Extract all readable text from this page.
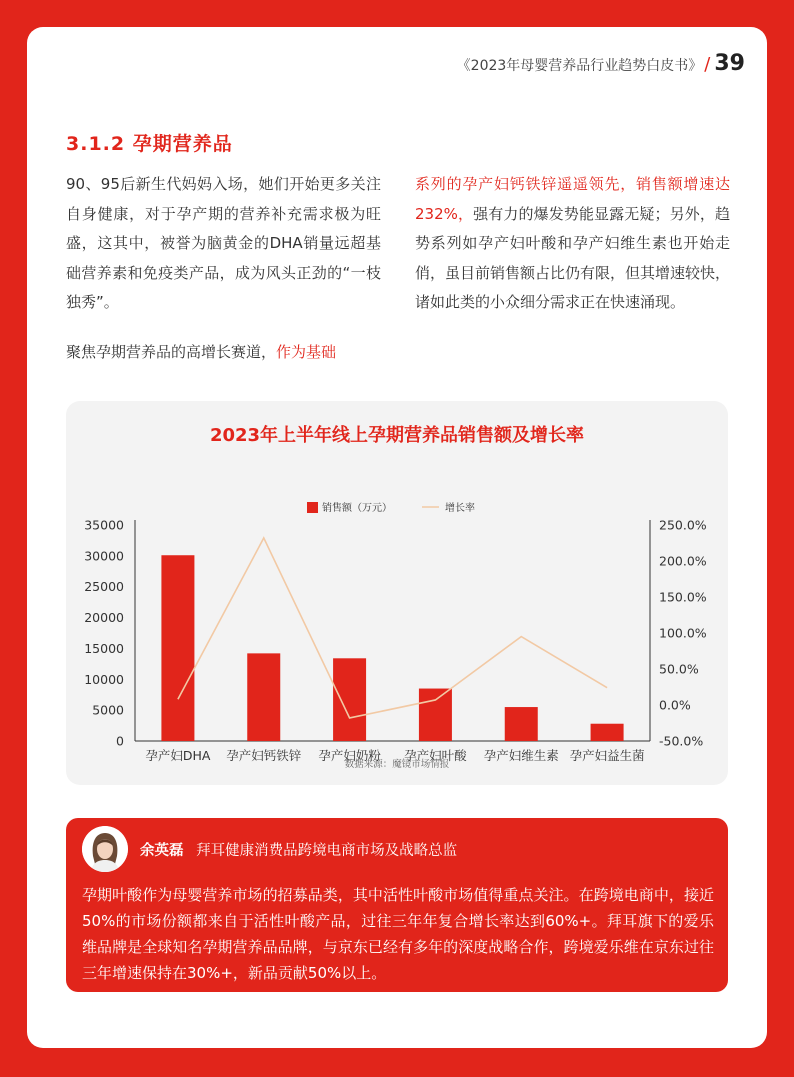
《2023年母婴营养品行业趋势白皮书》 / 39
3.1.2 孕期营养品

90、95后新生代妈妈入场，她们开始更多关注自身健康，对于孕产期的营养补充需求极为旺盛，这其中，被誉为脑黄金的DHA销量远超基础营养素和免疫类产品，成为风头正劲的“一枝独秀”。

聚焦孕期营养品的高增长赛道，作为基础

系列的孕产妇钙铁锌遥遥领先，销售额增速达232%，强有力的爆发势能显露无疑；另外，趋势系列如孕产妇叶酸和孕产妇维生素也开始走俏，虽目前销售额占比仍有限，但其增速较快，诸如此类的小众细分需求正在快速涌现。

2023年上半年线上孕期营养品销售额及增长率
销售额（万元）	增长率
0
5000
10000
15000
20000
25000
30000
35000
-50.0%
0.0%
50.0%
100.0%
150.0%
200.0%
250.0%
孕产妇DHA 孕产妇钙铁锌 孕产妇奶粉 孕产妇叶酸 孕产妇维生素 孕产妇益生菌
数据来源：魔镜市场情报
余英磊 拜耳健康消费品跨境电商市场及战略总监

孕期叶酸作为母婴营养市场的招募品类，其中活性叶酸市场值得重点关注。在跨境电商中，接近50%的市场份额都来自于活性叶酸产品，过往三年年复合增长率达到60%+。拜耳旗下的爱乐维品牌是全球知名孕期营养品品牌，与京东已经有多年的深度战略合作，跨境爱乐维在京东过往三年增速保持在30%+，新品贡献50%以上。
